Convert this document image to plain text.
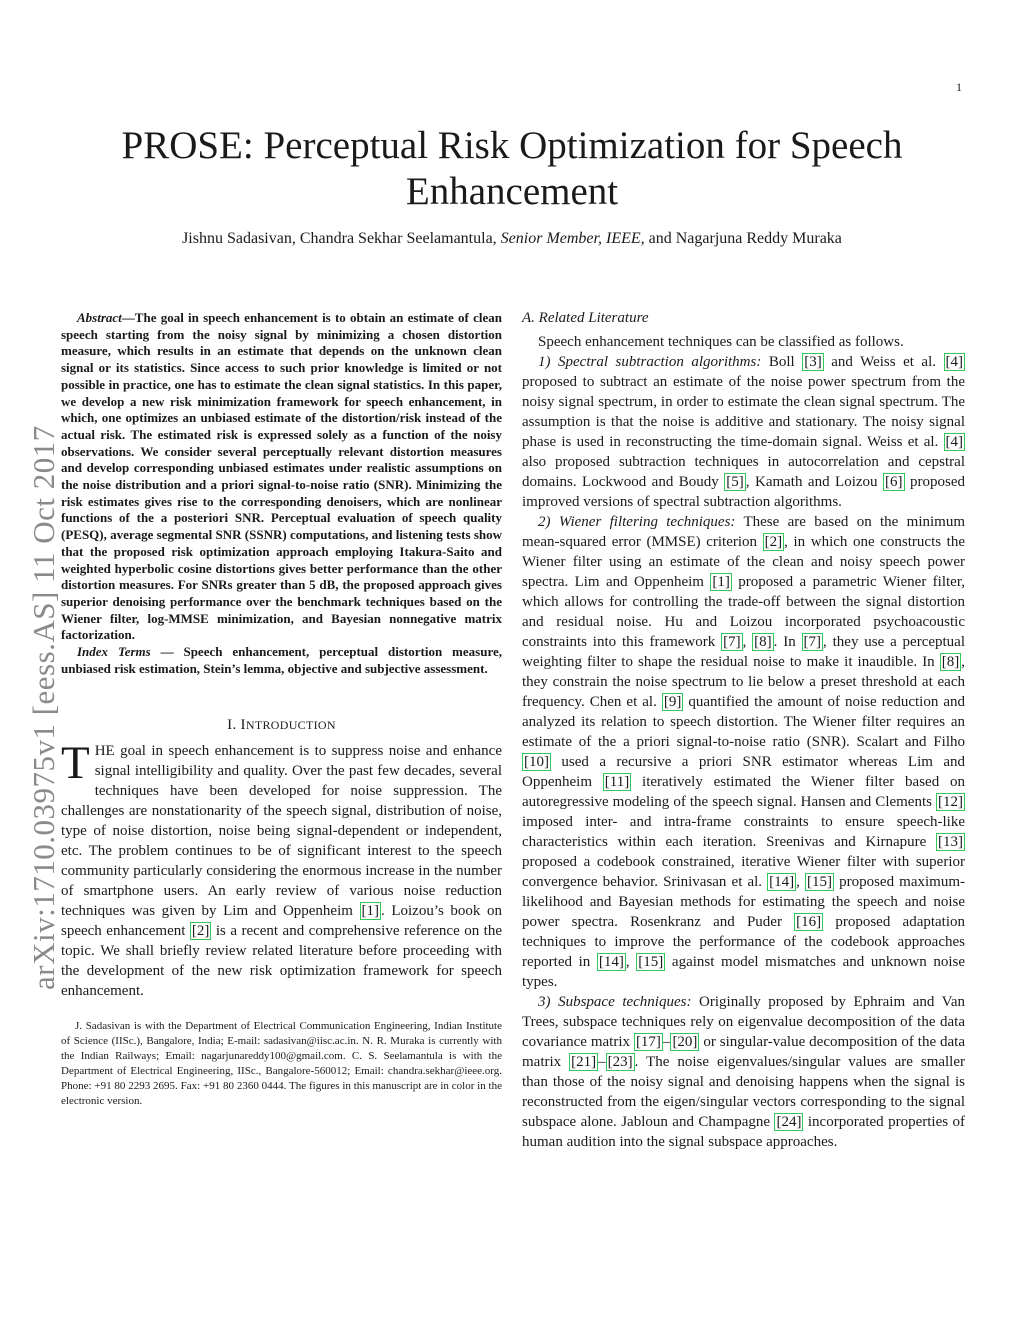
1
arXiv:1710.03975v1 [eess.AS] 11 Oct 2017
PROSE: Perceptual Risk Optimization for Speech Enhancement
Jishnu Sadasivan, Chandra Sekhar Seelamantula, Senior Member, IEEE, and Nagarjuna Reddy Muraka

Abstract—The goal in speech enhancement is to obtain an estimate of clean speech starting from the noisy signal by minimizing a chosen distortion measure, which results in an estimate that depends on the unknown clean signal or its statistics. Since access to such prior knowledge is limited or not possible in practice, one has to estimate the clean signal statistics. In this paper, we develop a new risk minimization framework for speech enhancement, in which, one optimizes an unbiased estimate of the distortion/risk instead of the actual risk. The estimated risk is expressed solely as a function of the noisy observations. We consider several perceptually relevant distortion measures and develop corresponding unbiased estimates under realistic assumptions on the noise distribution and a priori signal-to-noise ratio (SNR). Minimizing the risk estimates gives rise to the corresponding denoisers, which are nonlinear functions of the a posteriori SNR. Perceptual evaluation of speech quality (PESQ), average segmental SNR (SSNR) computations, and listening tests show that the proposed risk optimization approach employing Itakura-Saito and weighted hyperbolic cosine distortions gives better performance than the other distortion measures. For SNRs greater than 5 dB, the proposed approach gives superior denoising performance over the benchmark techniques based on the Wiener filter, log-MMSE minimization, and Bayesian nonnegative matrix factorization.

Index Terms — Speech enhancement, perceptual distortion measure, unbiased risk estimation, Stein’s lemma, objective and subjective assessment.

I. INTRODUCTION

THE goal in speech enhancement is to suppress noise and enhance signal intelligibility and quality. Over the past few decades, several techniques have been developed for noise suppression. The challenges are nonstationarity of the speech signal, distribution of noise, type of noise distortion, noise being signal-dependent or independent, etc. The problem continues to be of significant interest to the speech community particularly considering the enormous increase in the number of smartphone users. An early review of various noise reduction techniques was given by Lim and Oppenheim [1] . Loizou’s book on speech enhancement [2] is a recent and comprehensive reference on the topic. We shall briefly review related literature before proceeding with the development of the new risk optimization framework for speech enhancement.

J. Sadasivan is with the Department of Electrical Communication Engineering, Indian Institute of Science (IISc.), Bangalore, India; E-mail: sadasivan@iisc.ac.in. N. R. Muraka is currently with the Indian Railways; Email: nagarjunareddy100@gmail.com. C. S. Seelamantula is with the Department of Electrical Engineering, IISc., Bangalore-560012; Email: chandra.sekhar@ieee.org. Phone: +91 80 2293 2695. Fax: +91 80 2360 0444. The figures in this manuscript are in color in the electronic version.

A. Related Literature

Speech enhancement techniques can be classified as follows.

1) Spectral subtraction algorithms: Boll [3] and Weiss et al. [4] proposed to subtract an estimate of the noise power spectrum from the noisy signal spectrum, in order to estimate the clean signal spectrum. The assumption is that the noise is additive and stationary. The noisy signal phase is used in reconstructing the time-domain signal. Weiss et al. [4] also proposed subtraction techniques in autocorrelation and cepstral domains. Lockwood and Boudy [5] , Kamath and Loizou [6] proposed improved versions of spectral subtraction algorithms.

2) Wiener filtering techniques: These are based on the minimum mean-squared error (MMSE) criterion [2] , in which one constructs the Wiener filter using an estimate of the clean and noisy speech power spectra. Lim and Oppenheim [1] proposed a parametric Wiener filter, which allows for controlling the trade-off between the signal distortion and residual noise. Hu and Loizou incorporated psychoacoustic constraints into this framework [7] , [8] . In [7] , they use a perceptual weighting filter to shape the residual noise to make it inaudible. In [8] , they constrain the noise spectrum to lie below a preset threshold at each frequency. Chen et al. [9] quantified the amount of noise reduction and analyzed its relation to speech distortion. The Wiener filter requires an estimate of the a priori signal-to-noise ratio (SNR). Scalart and Filho [10] used a recursive a priori SNR estimator whereas Lim and Oppenheim [11] iteratively estimated the Wiener filter based on autoregressive modeling of the speech signal. Hansen and Clements [12] imposed inter- and intra-frame constraints to ensure speech-like characteristics within each iteration. Sreenivas and Kirnapure [13] proposed a codebook constrained, iterative Wiener filter with superior convergence behavior. Srinivasan et al. [14] , [15] proposed maximum-likelihood and Bayesian methods for estimating the speech and noise power spectra. Rosenkranz and Puder [16] proposed adaptation techniques to improve the performance of the codebook approaches reported in [14] , [15] against model mismatches and unknown noise types.

3) Subspace techniques: Originally proposed by Ephraim and Van Trees, subspace techniques rely on eigenvalue decomposition of the data covariance matrix [17] – [20] or singular-value decomposition of the data matrix [21] – [23] . The noise eigenvalues/singular values are smaller than those of the noisy signal and denoising happens when the signal is reconstructed from the eigen/singular vectors corresponding to the signal subspace alone. Jabloun and Champagne [24] incorporated properties of human audition into the signal subspace approaches.
